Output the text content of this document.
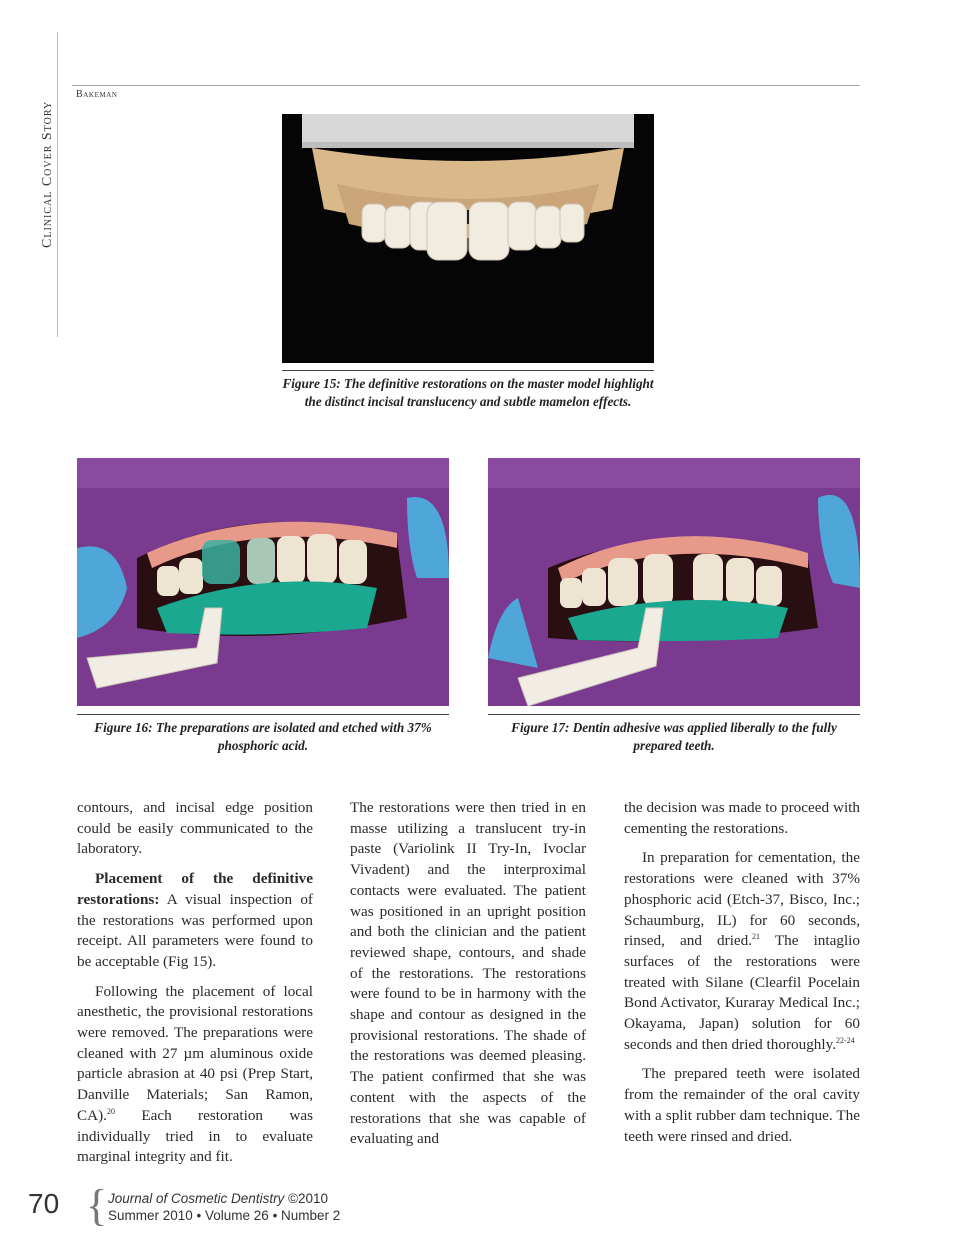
Clinical Cover Story
Bakeman
Figure 15: The definitive restorations on the master model highlight the distinct incisal translucency and subtle mamelon effects.
Figure 16: The preparations are isolated and etched with 37% phosphoric acid.
Figure 17: Dentin adhesive was applied liberally to the fully prepared teeth.

contours, and incisal edge position could be easily communicated to the laboratory.

Placement of the definitive restorations: A visual inspection of the restorations was performed upon receipt. All parameters were found to be acceptable (Fig 15).

Following the placement of local anesthetic, the provisional restorations were removed. The preparations were cleaned with 27 µm aluminous oxide particle abrasion at 40 psi (Prep Start, Danville Materials; San Ramon, CA).$^{20}$ Each restoration was individually tried in to evaluate marginal integrity and fit.

The restorations were then tried in en masse utilizing a translucent try-in paste (Variolink II Try-In, Ivoclar Vivadent) and the interproximal contacts were evaluated. The patient was positioned in an upright position and both the clinician and the patient reviewed shape, contours, and shade of the restorations. The restorations were found to be in harmony with the shape and contour as designed in the provisional restorations. The shade of the restorations was deemed pleasing. The patient confirmed that she was content with the aspects of the restorations that she was capable of evaluating and

the decision was made to proceed with cementing the restorations.

In preparation for cementation, the restorations were cleaned with 37% phosphoric acid (Etch-37, Bisco, Inc.; Schaumburg, IL) for 60 seconds, rinsed, and dried.$^{21}$ The intaglio surfaces of the restorations were treated with Silane (Clearfil Pocelain Bond Activator, Kuraray Medical Inc.; Okayama, Japan) solution for 60 seconds and then dried thoroughly.$^{22-24}$

The prepared teeth were isolated from the remainder of the oral cavity with a split rubber dam technique. The teeth were rinsed and dried.

70 { Journal of Cosmetic Dentistry ©2010
Summer 2010 • Volume 26 • Number 2
